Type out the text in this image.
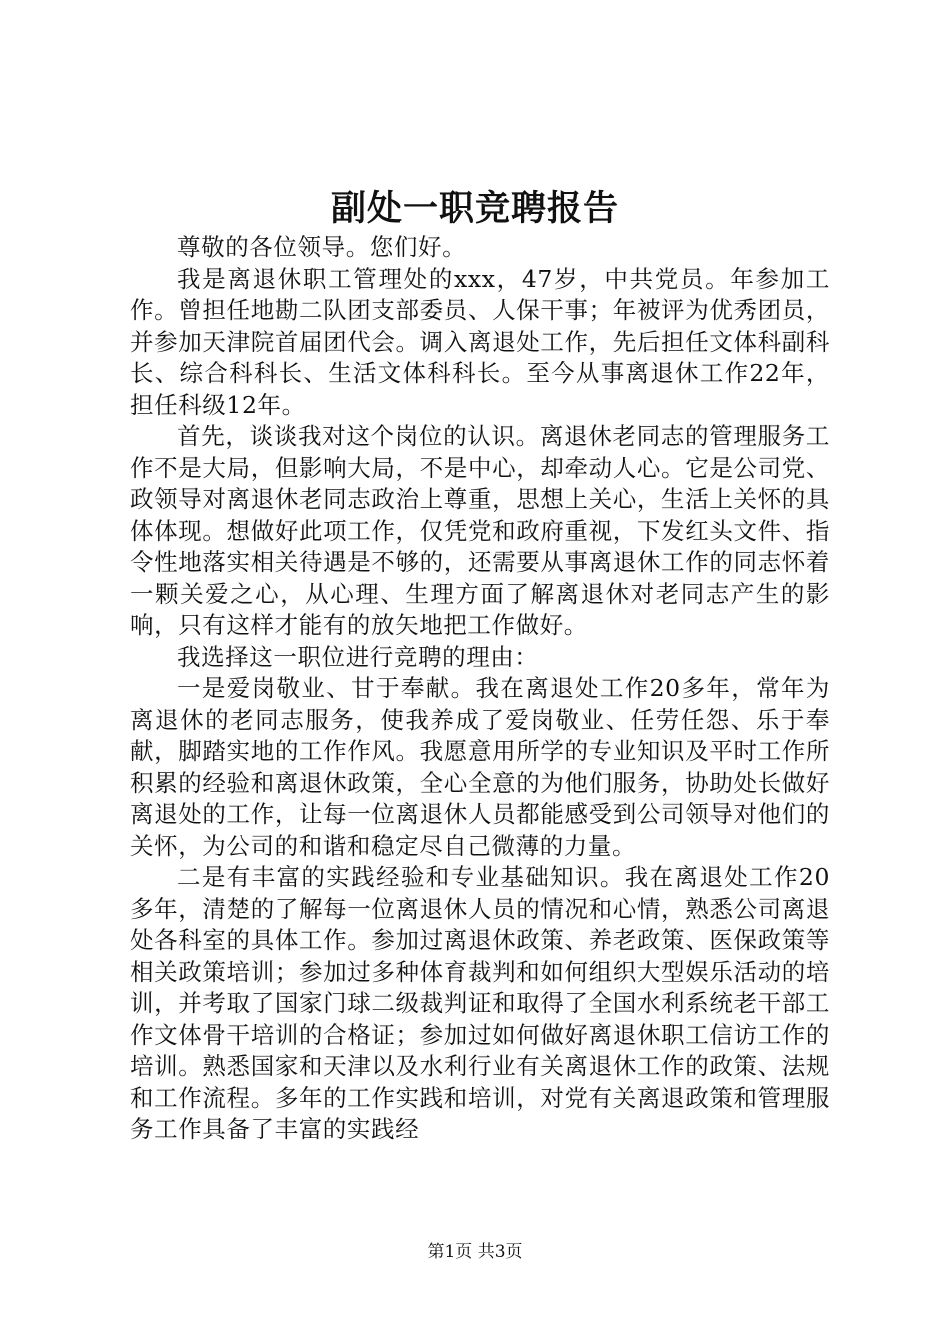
副处一职竞聘报告

尊敬的各位领导。您们好。

我是离退休职工管理处的xxx，47岁，中共党员。年参加工作。曾担任地勘二队团支部委员、人保干事；年被评为优秀团员，并参加天津院首届团代会。调入离退处工作，先后担任文体科副科长、综合科科长、生活文体科科长。至今从事离退休工作22年，担任科级12年。

首先，谈谈我对这个岗位的认识。离退休老同志的管理服务工作不是大局，但影响大局，不是中心，却牵动人心。它是公司党、政领导对离退休老同志政治上尊重，思想上关心，生活上关怀的具体体现。想做好此项工作，仅凭党和政府重视，下发红头文件、指令性地落实相关待遇是不够的，还需要从事离退休工作的同志怀着一颗关爱之心，从心理、生理方面了解离退休对老同志产生的影响，只有这样才能有的放矢地把工作做好。

我选择这一职位进行竞聘的理由：

一是爱岗敬业、甘于奉献。我在离退处工作20多年，常年为离退休的老同志服务，使我养成了爱岗敬业、任劳任怨、乐于奉献，脚踏实地的工作作风。我愿意用所学的专业知识及平时工作所积累的经验和离退休政策，全心全意的为他们服务，协助处长做好离退处的工作，让每一位离退休人员都能感受到公司领导对他们的关怀，为公司的和谐和稳定尽自己微薄的力量。

二是有丰富的实践经验和专业基础知识。我在离退处工作20多年，清楚的了解每一位离退休人员的情况和心情，熟悉公司离退处各科室的具体工作。参加过离退休政策、养老政策、医保政策等相关政策培训；参加过多种体育裁判和如何组织大型娱乐活动的培训，并考取了国家门球二级裁判证和取得了全国水利系统老干部工作文体骨干培训的合格证；参加过如何做好离退休职工信访工作的培训。熟悉国家和天津以及水利行业有关离退休工作的政策、法规和工作流程。多年的工作实践和培训，对党有关离退政策和管理服务工作具备了丰富的实践经

第1页 共3页
